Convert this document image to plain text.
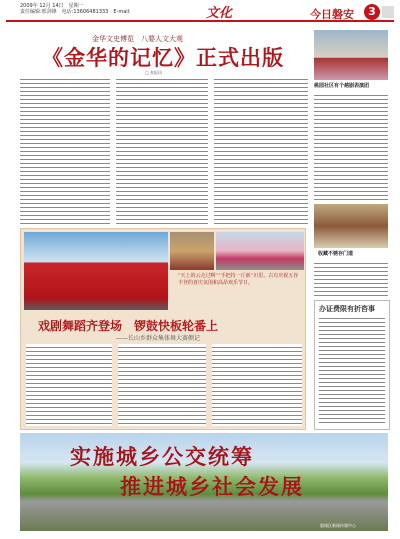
2009年 12月 14日　星期一
责任编辑:邢剑锋　电话:13606481333　E-mail:	文化	今日磐安	3
金华文史博览　八婺人文大观
《金华的记忆》正式出版
□ 本报讯
桃园社区有个越剧表演团
收藏不锈存门道
“天上的云走过咧”“手把持一斤新”川里。古有庆祝五谷丰登的喜庆氛围和高昂欢乐节日。
戏剧舞蹈齐登场　锣鼓快板轮番上
——长山乡群众集体舞大赛侧记
办证费限有折咨事
实施城乡公交统筹
推进城乡社会发展
磐城区新闻传媒中心
